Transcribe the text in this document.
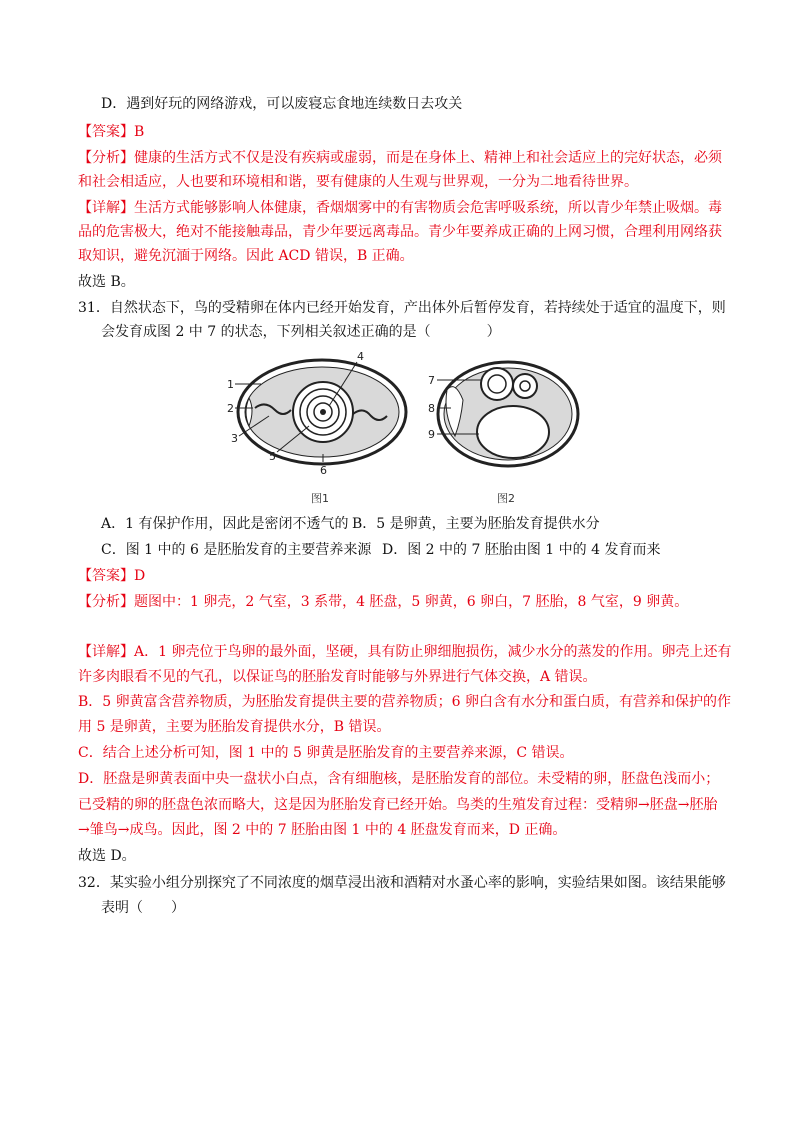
D．遇到好玩的网络游戏，可以废寝忘食地连续数日去攻关
【答案】B
【分析】健康的生活方式不仅是没有疾病或虚弱，而是在身体上、精神上和社会适应上的完好状态，必须
和社会相适应，人也要和环境相和谐，要有健康的人生观与世界观，一分为二地看待世界。
【详解】生活方式能够影响人体健康，香烟烟雾中的有害物质会危害呼吸系统，所以青少年禁止吸烟。毒
品的危害极大，绝对不能接触毒品，青少年要远离毒品。青少年要养成正确的上网习惯，合理利用网络获
取知识，避免沉湎于网络。因此 ACD 错误，B 正确。
故选 B。
31．自然状态下，鸟的受精卵在体内已经开始发育，产出体外后暂停发育，若持续处于适宜的温度下，则
会发育成图 2 中 7 的状态，下列相关叙述正确的是（　　　　）
1
2
3
4
5
6
图1
7
8
9
图2
A．1 有保护作用，因此是密闭不透气的 B．5 是卵黄，主要为胚胎发育提供水分
C．图 1 中的 6 是胚胎发育的主要营养来源 D．图 2 中的 7 胚胎由图 1 中的 4 发育而来
【答案】D
【分析】题图中：1 卵壳，2 气室，3 系带，4 胚盘，5 卵黄，6 卵白，7 胚胎，8 气室，9 卵黄。
【详解】A．1 卵壳位于鸟卵的最外面，坚硬，具有防止卵细胞损伤，减少水分的蒸发的作用。卵壳上还有
许多肉眼看不见的气孔，以保证鸟的胚胎发育时能够与外界进行气体交换，A 错误。
B．5 卵黄富含营养物质，为胚胎发育提供主要的营养物质；6 卵白含有水分和蛋白质，有营养和保护的作
用 5 是卵黄，主要为胚胎发育提供水分，B 错误。
C．结合上述分析可知，图 1 中的 5 卵黄是胚胎发育的主要营养来源，C 错误。
D．胚盘是卵黄表面中央一盘状小白点，含有细胞核，是胚胎发育的部位。未受精的卵，胚盘色浅而小；
已受精的卵的胚盘色浓而略大，这是因为胚胎发育已经开始。鸟类的生殖发育过程：受精卵→胚盘→胚胎
→雏鸟→成鸟。因此，图 2 中的 7 胚胎由图 1 中的 4 胚盘发育而来，D 正确。
故选 D。
32．某实验小组分别探究了不同浓度的烟草浸出液和酒精对水蚤心率的影响，实验结果如图。该结果能够
表明（　　）
